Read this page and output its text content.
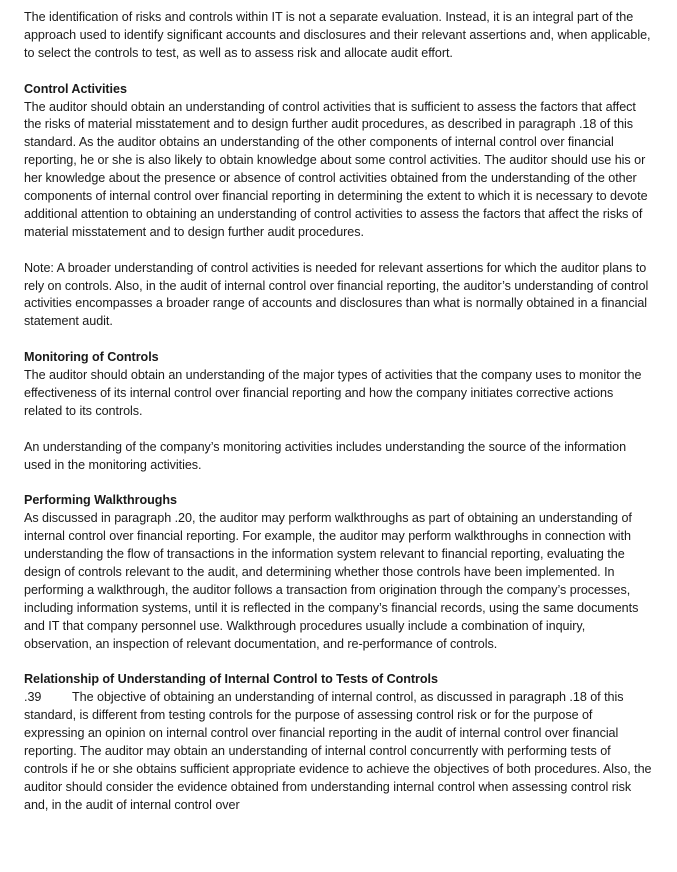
The identification of risks and controls within IT is not a separate evaluation. Instead, it is an integral part of the approach used to identify significant accounts and disclosures and their relevant assertions and, when applicable, to select the controls to test, as well as to assess risk and allocate audit effort.

Control Activities

The auditor should obtain an understanding of control activities that is sufficient to assess the factors that affect the risks of material misstatement and to design further audit procedures, as described in paragraph .18 of this standard. As the auditor obtains an understanding of the other components of internal control over financial reporting, he or she is also likely to obtain knowledge about some control activities. The auditor should use his or her knowledge about the presence or absence of control activities obtained from the understanding of the other components of internal control over financial reporting in determining the extent to which it is necessary to devote additional attention to obtaining an understanding of control activities to assess the factors that affect the risks of material misstatement and to design further audit procedures.

Note: A broader understanding of control activities is needed for relevant assertions for which the auditor plans to rely on controls. Also, in the audit of internal control over financial reporting, the auditor’s understanding of control activities encompasses a broader range of accounts and disclosures than what is normally obtained in a financial statement audit.

Monitoring of Controls

The auditor should obtain an understanding of the major types of activities that the company uses to monitor the effectiveness of its internal control over financial reporting and how the company initiates corrective actions related to its controls.

An understanding of the company’s monitoring activities includes understanding the source of the information used in the monitoring activities.

Performing Walkthroughs

As discussed in paragraph .20, the auditor may perform walkthroughs as part of obtaining an understanding of internal control over financial reporting. For example, the auditor may perform walkthroughs in connection with understanding the flow of transactions in the information system relevant to financial reporting, evaluating the design of controls relevant to the audit, and determining whether those controls have been implemented. In performing a walkthrough, the auditor follows a transaction from origination through the company’s processes, including information systems, until it is reflected in the company’s financial records, using the same documents and IT that company personnel use. Walkthrough procedures usually include a combination of inquiry, observation, an inspection of relevant documentation, and re-performance of controls.

Relationship of Understanding of Internal Control to Tests of Controls

.39 The objective of obtaining an understanding of internal control, as discussed in paragraph .18 of this standard, is different from testing controls for the purpose of assessing control risk or for the purpose of expressing an opinion on internal control over financial reporting in the audit of internal control over financial reporting. The auditor may obtain an understanding of internal control concurrently with performing tests of controls if he or she obtains sufficient appropriate evidence to achieve the objectives of both procedures. Also, the auditor should consider the evidence obtained from understanding internal control when assessing control risk and, in the audit of internal control over
